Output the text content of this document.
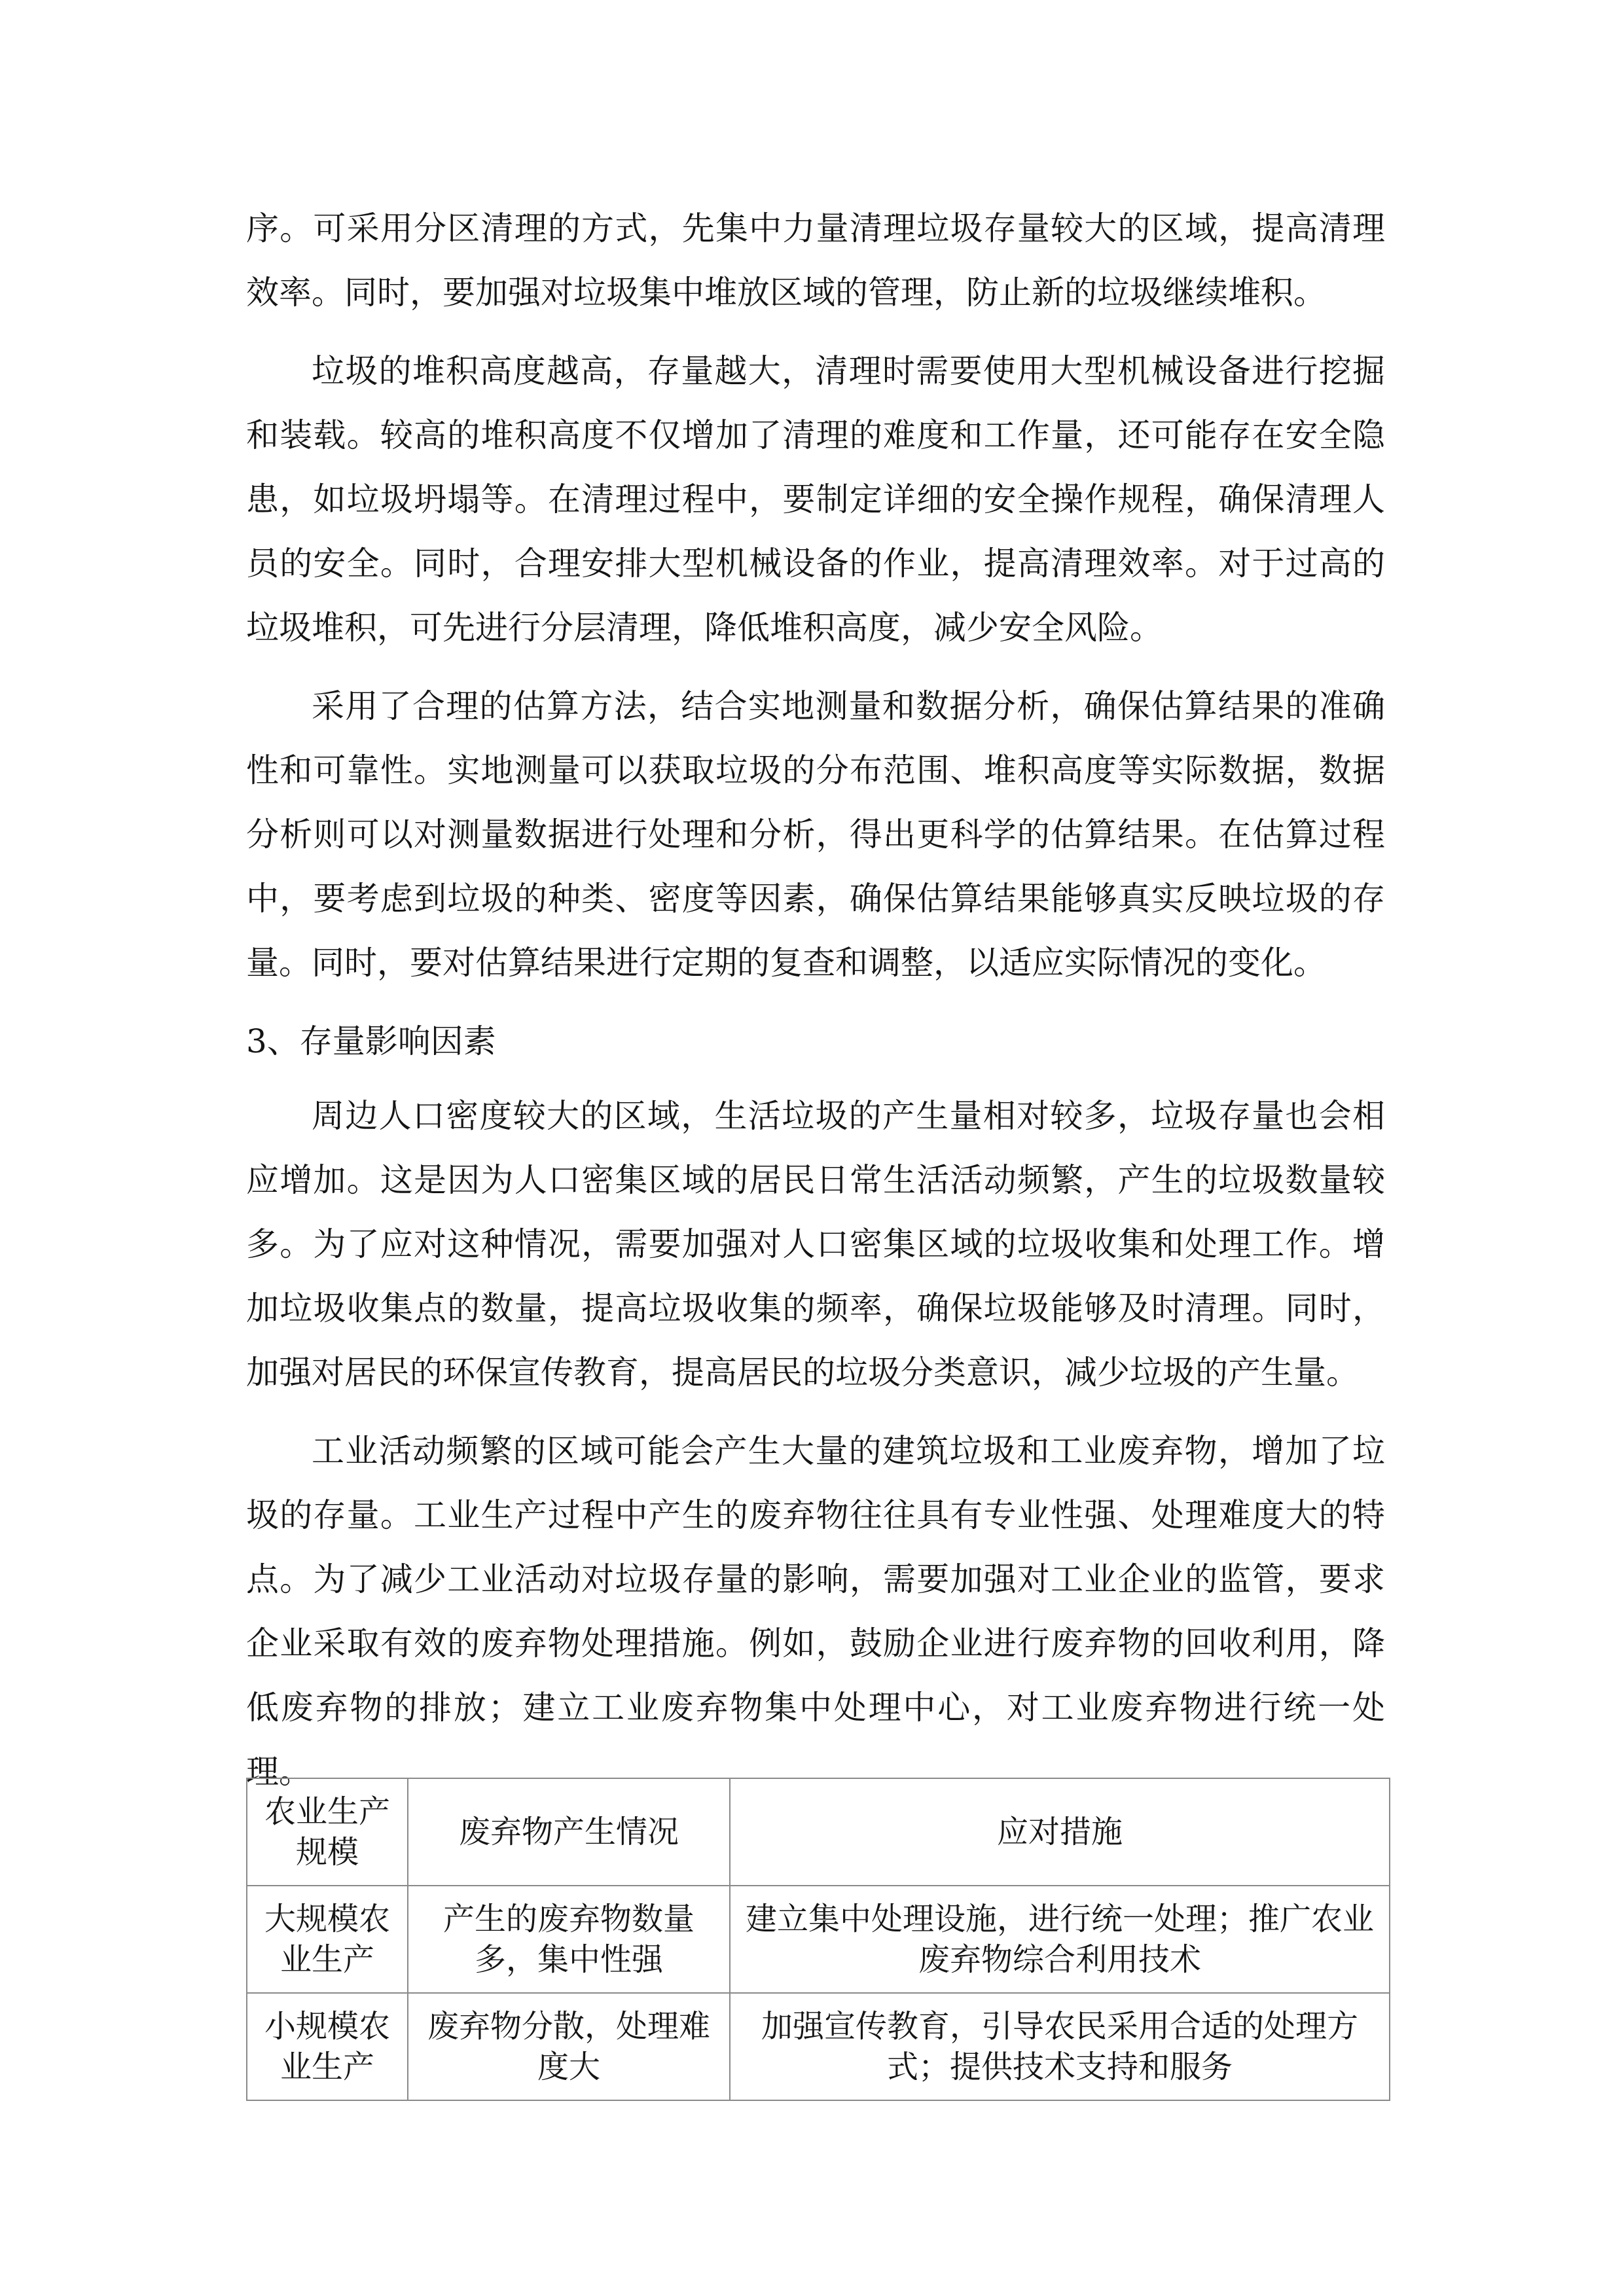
序。可采用分区清理的方式，先集中力量清理垃圾存量较大的区域，提高清理效率。同时，要加强对垃圾集中堆放区域的管理，防止新的垃圾继续堆积。

垃圾的堆积高度越高，存量越大，清理时需要使用大型机械设备进行挖掘和装载。较高的堆积高度不仅增加了清理的难度和工作量，还可能存在安全隐患，如垃圾坍塌等。在清理过程中，要制定详细的安全操作规程，确保清理人员的安全。同时，合理安排大型机械设备的作业，提高清理效率。对于过高的垃圾堆积，可先进行分层清理，降低堆积高度，减少安全风险。

采用了合理的估算方法，结合实地测量和数据分析，确保估算结果的准确性和可靠性。实地测量可以获取垃圾的分布范围、堆积高度等实际数据，数据分析则可以对测量数据进行处理和分析，得出更科学的估算结果。在估算过程中，要考虑到垃圾的种类、密度等因素，确保估算结果能够真实反映垃圾的存量。同时，要对估算结果进行定期的复查和调整，以适应实际情况的变化。

3、存量影响因素

周边人口密度较大的区域，生活垃圾的产生量相对较多，垃圾存量也会相应增加。这是因为人口密集区域的居民日常生活活动频繁，产生的垃圾数量较多。为了应对这种情况，需要加强对人口密集区域的垃圾收集和处理工作。增加垃圾收集点的数量，提高垃圾收集的频率，确保垃圾能够及时清理。同时，加强对居民的环保宣传教育，提高居民的垃圾分类意识，减少垃圾的产生量。

工业活动频繁的区域可能会产生大量的建筑垃圾和工业废弃物，增加了垃圾的存量。工业生产过程中产生的废弃物往往具有专业性强、处理难度大的特点。为了减少工业活动对垃圾存量的影响，需要加强对工业企业的监管，要求企业采取有效的废弃物处理措施。例如，鼓励企业进行废弃物的回收利用，降低废弃物的排放；建立工业废弃物集中处理中心，对工业废弃物进行统一处理。

农业生产规模	废弃物产生情况	应对措施
大规模农业生产	产生的废弃物数量多，集中性强	建立集中处理设施，进行统一处理；推广农业废弃物综合利用技术
小规模农业生产	废弃物分散，处理难度大	加强宣传教育，引导农民采用合适的处理方式；提供技术支持和服务
